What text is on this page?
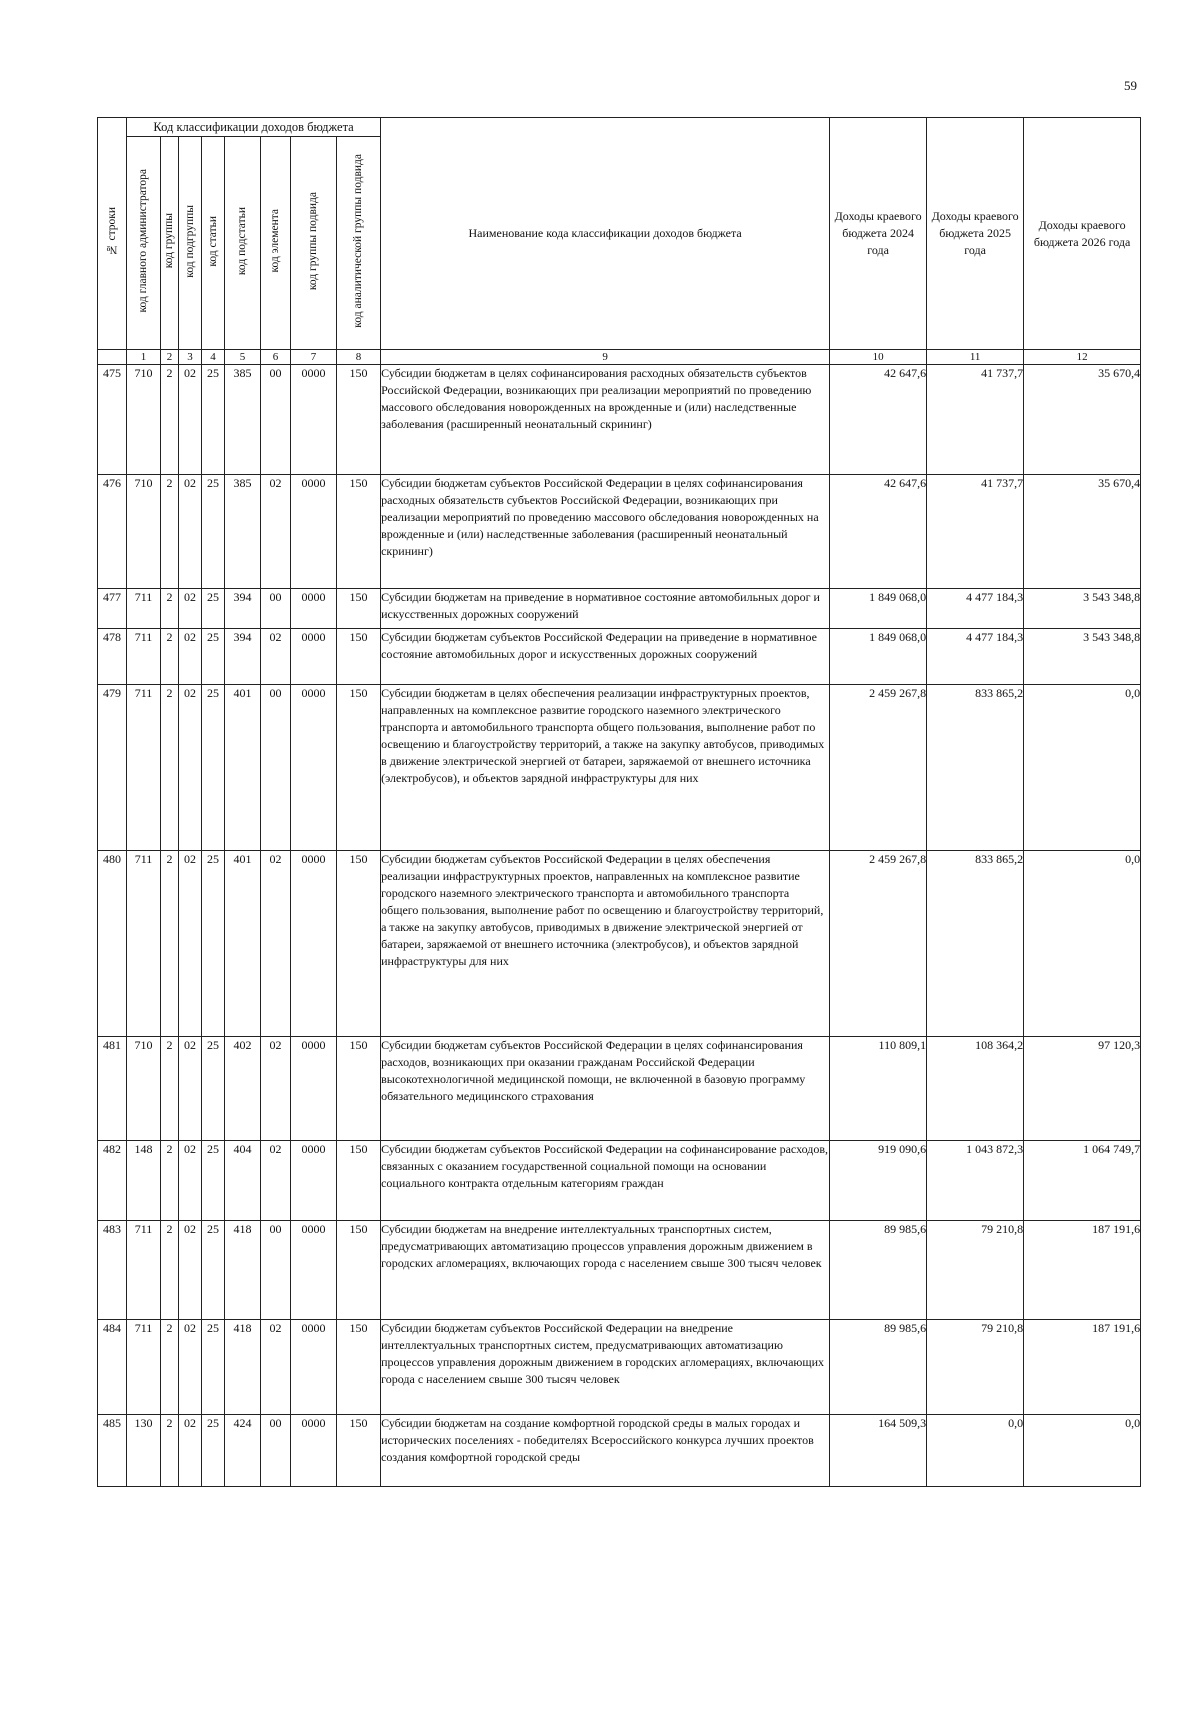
59
№ строки	Код классификации доходов бюджета								Наименование кода классификации доходов бюджета	Доходы краевого бюджета 2024 года	Доходы краевого бюджета 2025 года	Доходы краевого бюджета 2026 года
	код главного администратора	код группы	код подгруппы	код статьи	код подстатьи	код элемента	код группы подвида	код аналитической группы подвида				
	1	2	3	4	5	6	7	8	9	10	11	12
475	710	2	02	25	385	00	0000	150	Субсидии бюджетам в целях софинансирования расходных обязательств субъектов Российской Федерации, возникающих при реализации мероприятий по проведению массового обследования новорожденных на врожденные и (или) наследственные заболевания (расширенный неонатальный скрининг)	42 647,6	41 737,7	35 670,4
476	710	2	02	25	385	02	0000	150	Субсидии бюджетам субъектов Российской Федерации в целях софинансирования расходных обязательств субъектов Российской Федерации, возникающих при реализации мероприятий по проведению массового обследования новорожденных на врожденные и (или) наследственные заболевания (расширенный неонатальный скрининг)	42 647,6	41 737,7	35 670,4
477	711	2	02	25	394	00	0000	150	Субсидии бюджетам на приведение в нормативное состояние автомобильных дорог и искусственных дорожных сооружений	1 849 068,0	4 477 184,3	3 543 348,8
478	711	2	02	25	394	02	0000	150	Субсидии бюджетам субъектов Российской Федерации на приведение в нормативное состояние автомобильных дорог и искусственных дорожных сооружений	1 849 068,0	4 477 184,3	3 543 348,8
479	711	2	02	25	401	00	0000	150	Субсидии бюджетам в целях обеспечения реализации инфраструктурных проектов, направленных на комплексное развитие городского наземного электрического транспорта и автомобильного транспорта общего пользования, выполнение работ по освещению и благоустройству территорий, а также на закупку автобусов, приводимых в движение электрической энергией от батареи, заряжаемой от внешнего источника (электробусов), и объектов зарядной инфраструктуры для них	2 459 267,8	833 865,2	0,0
480	711	2	02	25	401	02	0000	150	Субсидии бюджетам субъектов Российской Федерации в целях обеспечения реализации инфраструктурных проектов, направленных на комплексное развитие городского наземного электрического транспорта и автомобильного транспорта общего пользования, выполнение работ по освещению и благоустройству территорий, а также на закупку автобусов, приводимых в движение электрической энергией от батареи, заряжаемой от внешнего источника (электробусов), и объектов зарядной инфраструктуры для них	2 459 267,8	833 865,2	0,0
481	710	2	02	25	402	02	0000	150	Субсидии бюджетам субъектов Российской Федерации в целях софинансирования расходов, возникающих при оказании гражданам Российской Федерации высокотехнологичной медицинской помощи, не включенной в базовую программу обязательного медицинского страхования	110 809,1	108 364,2	97 120,3
482	148	2	02	25	404	02	0000	150	Субсидии бюджетам субъектов Российской Федерации на софинансирование расходов, связанных с оказанием государственной социальной помощи на основании социального контракта отдельным категориям граждан	919 090,6	1 043 872,3	1 064 749,7
483	711	2	02	25	418	00	0000	150	Субсидии бюджетам на внедрение интеллектуальных транспортных систем, предусматривающих автоматизацию процессов управления дорожным движением в городских агломерациях, включающих города с населением свыше 300 тысяч человек	89 985,6	79 210,8	187 191,6
484	711	2	02	25	418	02	0000	150	Субсидии бюджетам субъектов Российской Федерации на внедрение интеллектуальных транспортных систем, предусматривающих автоматизацию процессов управления дорожным движением в городских агломерациях, включающих города с населением свыше 300 тысяч человек	89 985,6	79 210,8	187 191,6
485	130	2	02	25	424	00	0000	150	Субсидии бюджетам на создание комфортной городской среды в малых городах и исторических поселениях - победителях Всероссийского конкурса лучших проектов создания комфортной городской среды	164 509,3	0,0	0,0
